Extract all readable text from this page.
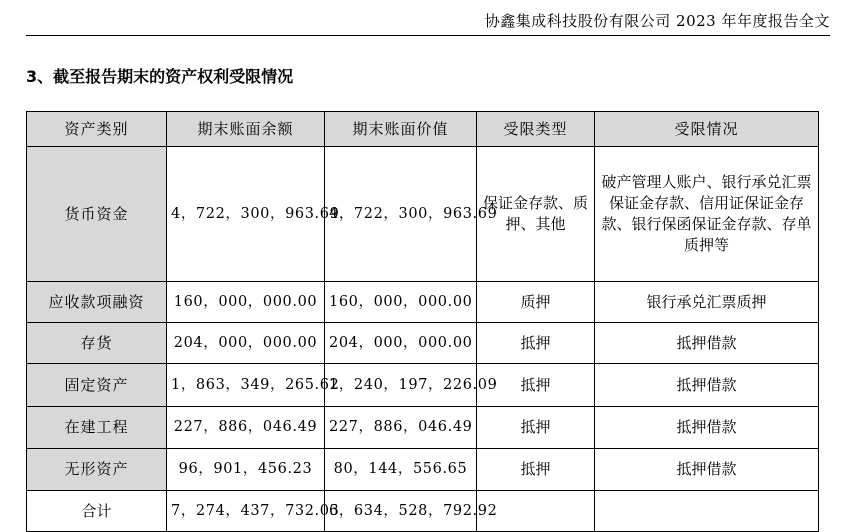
协鑫集成科技股份有限公司 2023 年年度报告全文
3、截至报告期末的资产权利受限情况
资产类别	期末账面余额	期末账面价值	受限类型	受限情况
货币资金	4，722，300，963.69	4，722，300，963.69	保证金存款、质押、其他	破产管理人账户、银行承兑汇票保证金存款、信用证保证金存款、银行保函保证金存款、存单质押等
应收款项融资	160，000，000.00	160，000，000.00	质押	银行承兑汇票质押
存货	204，000，000.00	204，000，000.00	抵押	抵押借款
固定资产	1，863，349，265.62	1，240，197，226.09	抵押	抵押借款
在建工程	227，886，046.49	227，886，046.49	抵押	抵押借款
无形资产	96，901，456.23	80，144，556.65	抵押	抵押借款
合计	7，274，437，732.03	6，634，528，792.92		
